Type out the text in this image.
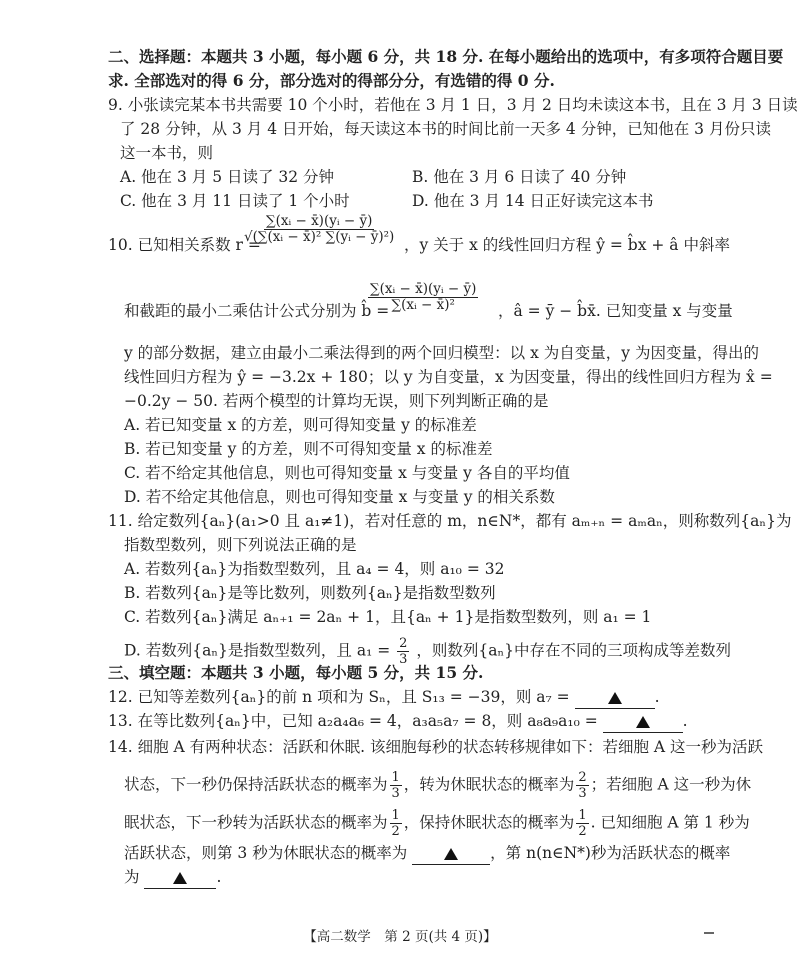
二、选择题：本题共 3 小题，每小题 6 分，共 18 分. 在每小题给出的选项中，有多项符合题目要
求. 全部选对的得 6 分，部分选对的得部分分，有选错的得 0 分.
9. 小张读完某本书共需要 10 个小时，若他在 3 月 1 日，3 月 2 日均未读这本书，且在 3 月 3 日读
了 28 分钟，从 3 月 4 日开始，每天读这本书的时间比前一天多 4 分钟，已知他在 3 月份只读
这一本书，则
A. 他在 3 月 5 日读了 32 分钟	B. 他在 3 月 6 日读了 40 分钟
C. 他在 3 月 11 日读了 1 个小时	D. 他在 3 月 14 日正好读完这本书
10. 已知相关系数 r =
$\frac{\text{∑(xᵢ − x̄)(yᵢ − ȳ)}}{\text{√(∑(xᵢ − x̄)² ∑(yᵢ − ȳ)²)}}$ ，y 关于 x 的线性回归方程 ŷ = b̂x + â 中斜率
和截距的最小二乘估计公式分别为 b̂ =
$\frac{\text{∑(xᵢ − x̄)(yᵢ − ȳ)}}{\text{∑(xᵢ − x̄)²}}$ ，â = ȳ − b̂x̄. 已知变量 x 与变量
y 的部分数据，建立由最小二乘法得到的两个回归模型：以 x 为自变量，y 为因变量，得出的
线性回归方程为 ŷ = −3.2x + 180；以 y 为自变量，x 为因变量，得出的线性回归方程为 x̂ =
−0.2y − 50. 若两个模型的计算均无误，则下列判断正确的是
A. 若已知变量 x 的方差，则可得知变量 y 的标准差
B. 若已知变量 y 的方差，则不可得知变量 x 的标准差
C. 若不给定其他信息，则也可得知变量 x 与变量 y 各自的平均值
D. 若不给定其他信息，则也可得知变量 x 与变量 y 的相关系数
11. 给定数列{aₙ}(a₁>0 且 a₁≠1)，若对任意的 m，n∈N*，都有 aₘ₊ₙ = aₘaₙ，则称数列{aₙ}为
指数型数列，则下列说法正确的是
A. 若数列{aₙ}为指数型数列，且 a₄ = 4，则 a₁₀ = 32
B. 若数列{aₙ}是等比数列，则数列{aₙ}是指数型数列
C. 若数列{aₙ}满足 aₙ₊₁ = 2aₙ + 1，且{aₙ + 1}是指数型数列，则 a₁ = 1
D. 若数列{aₙ}是指数型数列，且 $a_1 = \frac{2}{3}$ ，则数列{aₙ}中存在不同的三项构成等差数列
三、填空题：本题共 3 小题，每小题 5 分，共 15 分.
12. 已知等差数列{aₙ}的前 n 项和为 Sₙ，且 S₁₃ = −39，则 a₇ =	.
13. 在等比数列{aₙ}中，已知 a₂a₄a₆ = 4，a₃a₅a₇ = 8，则 a₈a₉a₁₀ =	.
14. 细胞 A 有两种状态：活跃和休眠. 该细胞每秒的状态转移规律如下：若细胞 A 这一秒为活跃
状态，下一秒仍保持活跃状态的概率为 $\frac{1}{3}$ ，转为休眠状态的概率为 $\frac{2}{3}$ ；若细胞 A 这一秒为休
眠状态，下一秒转为活跃状态的概率为 $\frac{1}{2}$ ，保持休眠状态的概率为 $\frac{1}{2}$ . 已知细胞 A 第 1 秒为
活跃状态，则第 3 秒为休眠状态的概率为	，第 n(n∈N*)秒为活跃状态的概率
为	.
【高二数学　第 2 页(共 4 页)】
